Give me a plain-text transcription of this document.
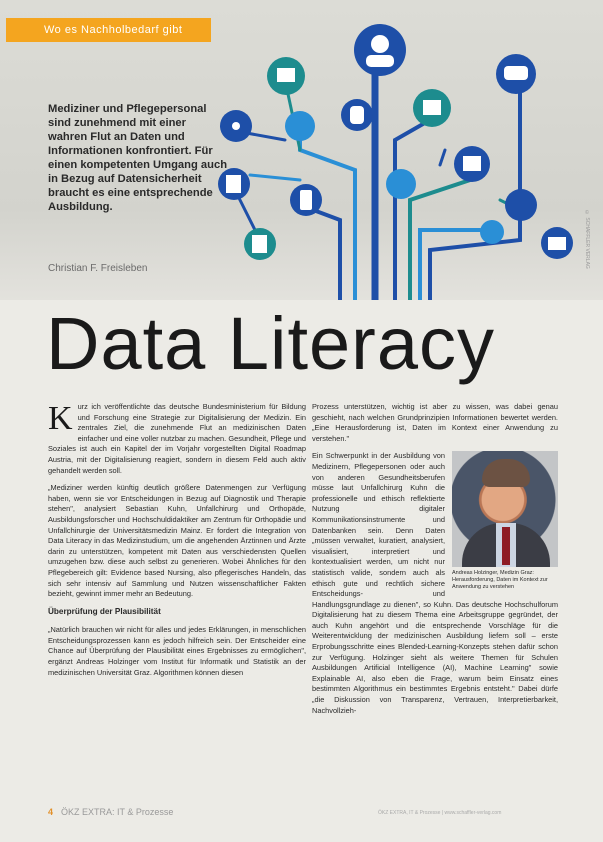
Wo es Nachholbedarf gibt
Mediziner und Pflegepersonal sind zunehmend mit einer wahren Flut an Daten und Informationen konfrontiert. Für einen kompetenten Umgang auch in Bezug auf Datensicherheit braucht es eine entsprechende Ausbildung.
Christian F. Freisleben	© SCHAFFLER VERLAG
Data Literacy

Kurz ich veröffentlichte das deutsche Bundesministerium für Bildung und Forschung eine Strategie zur Digitalisierung der Medizin. Ein zentrales Ziel, die zunehmende Flut an medizinischen Daten einfacher und eine voller nutzbar zu machen. Gesundheit, Pflege und Soziales ist auch ein Kapitel der im Vorjahr vorgestellten Digital Roadmap Austria, mit der Digitalisierung reagiert, sondern in diesem Feld auch aktiv gehandelt werden soll.

„Mediziner werden künftig deutlich größere Datenmengen zur Verfügung haben, wenn sie vor Entscheidungen in Bezug auf Diagnostik und Therapie stehen", analysiert Sebastian Kuhn, Unfallchirurg und Orthopäde, Ausbildungsforscher und Hochschuldidaktiker am Zentrum für Orthopädie und Unfallchirurgie der Universitätsmedizin Mainz. Er fordert die Integration von Data Literacy in das Medizinstudium, um die angehenden Ärztinnen und Ärzte darin zu unterstützen, kompetent mit Daten aus verschiedensten Quellen umzugehen bzw. diese auch selbst zu generieren. Wobei Ähnliches für den Pflegebereich gilt: Evidence based Nursing, also pflegerisches Handeln, das sich sehr intensiv auf Sammlung und Nutzen wissenschaftlicher Fakten bezieht, gewinnt immer mehr an Bedeutung.

Überprüfung der Plausibilität

„Natürlich brauchen wir nicht für alles und jedes Erklärungen, in menschlichen Entscheidungsprozessen kann es jedoch hilfreich sein. Der Entscheider eine Chance auf Überprüfung der Plausibilität eines Ergebnisses zu ermöglichen", ergänzt Andreas Holzinger vom Institut für Informatik und Statistik an der medizinischen Universität Graz. Algorithmen können diesen

Prozess unterstützen, wichtig ist aber zu wissen, was dabei genau geschieht, nach welchen Grundprinzipien Informationen bewertet werden. „Eine Herausforderung ist, Daten im Kontext einer Anwendung zu verstehen."

Andreas Holzinger, Medizin Graz: Herausforderung, Daten im Kontext zur Anwendung zu verstehen

Ein Schwerpunkt in der Ausbildung von Medizinern, Pflegepersonen oder auch von anderen Gesundheitsberufen müsse laut Unfallchirurg Kuhn die professionelle und ethisch reflektierte Nutzung digitaler Kommunikationsinstrumente und Datenbanken sein. Denn Daten „müssen verwaltet, kuratiert, analysiert, visualisiert, interpretiert und kontextualisiert werden, um nicht nur statistisch valide, sondern auch als ethisch gute und rechtlich sichere Entscheidungs- und Handlungsgrundlage zu dienen", so Kuhn. Das deutsche Hochschulforum Digitalisierung hat zu diesem Thema eine Arbeitsgruppe gegründet, der auch Kuhn angehört und die entsprechende Vorschläge für die Weiterentwicklung der medizinischen Ausbildung liefern soll – erste Erprobungsschritte eines Blended-Learning-Konzepts stehen dafür schon zur Verfügung. Holzinger sieht als weitere Themen für Schulen Ausbildungen Artificial Intelligence (AI), Machine Learning" sowie Explainable AI, also eben die Frage, warum beim Einsatz eines bestimmten Algorithmus ein bestimmtes Ergebnis entsteht." Dabei dürfe „die Diskussion von Transparenz, Vertrauen, Interpretierbarkeit, Nachvollzieh-

4 ÖKZ EXTRA: IT & Prozesse	ÖKZ EXTRA, IT & Prozesse | www.schaffler-verlag.com
